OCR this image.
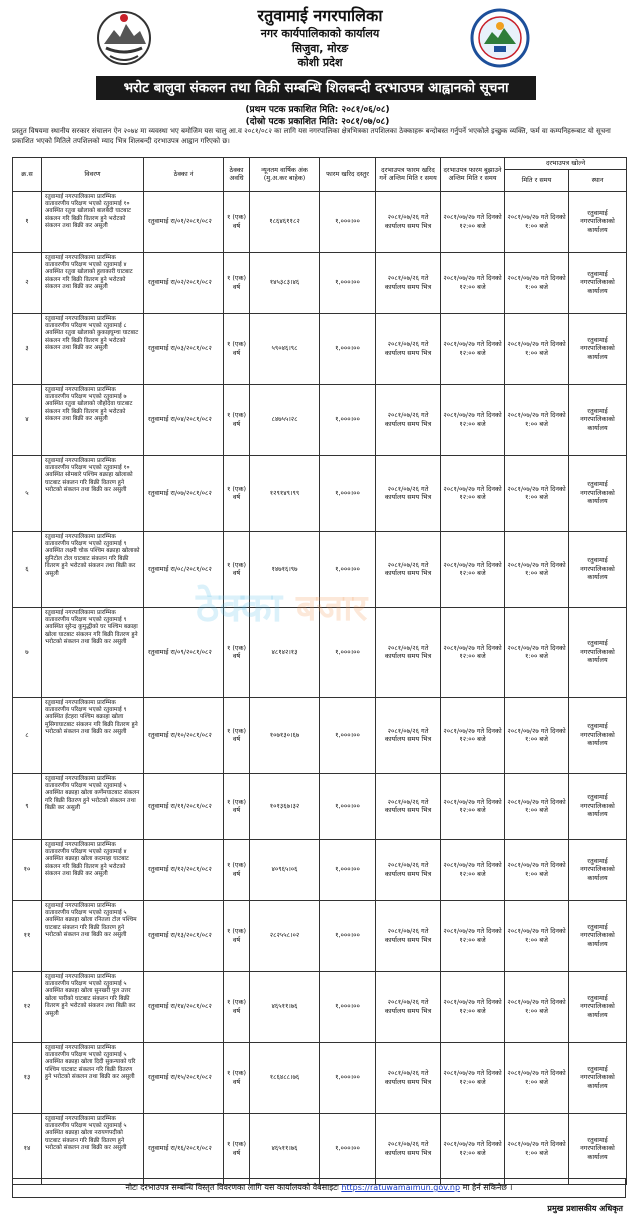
रतुवामाई नगरपालिका
नगर कार्यपालिकाको कार्यालय
सिजुवा, मोरङ
कोशी प्रदेश
भरोट बालुवा संकलन तथा विक्री सम्बन्धि शिलबन्दी दरभाउपत्र आह्वानको सूचना
(प्रथम पटक प्रकाशित मिति: २०८१/०६/०८)
(दोस्रो पटक प्रकाशित मिति: २०८१/०७/०८)
प्रस्तुत विषयमा स्थानीय सरकार संचालन ऐन २०७४ मा व्यवस्था भए बमोजिम यस चालु आ.व २०८१/०८२ का लागि यस नगरपालिका क्षेत्रभित्रका तपशिलका ठेक्काहरू बन्दोबस्त गर्नुपर्ने भएकोले इच्छुक व्यक्ति, फर्म वा कम्पनिहरूबाट यो सूचना प्रकाशित भएको मितिले तपशिलको म्याद भित्र शिलबन्दी दरभाउपत्र आह्वान गरिएको छ।
क्र.स	विवरण	ठेक्का नं	ठेक्का अवधि	न्यूनतम वार्षिक अंक (मु.अ.कर बाहेक)	फारम खरिद दस्तुर	दरभाउपत्र फारम खरिद गर्ने अन्तिम मिति र समय	दरभाउपत्र फारम बुझाउने अन्तिम मिति र समय	दरभाउपत्र खोल्ने	
								मिति र समय	स्थान
१	रतुवामाई नगरपालिकामा प्रारम्भिक वातावरणीय परिक्षण भएको रतुवामाई १० अवस्थित रतुवा खोलाको बालबैदी घाटबाट संकलन गरि बिक्री वितरण हुने भरोटको संकलन तथा बिक्री कर असुली	रतुवामाई रा/०१/२०८१/०८२	१ (एक) वर्ष	१८६४६११८२	१,०००।००	२०८१/०७/२६ गते कार्यालय समय भित्र	२०८१/०७/२७ गते दिनको १२:०० बजे	२०८१/०७/२७ गते दिनको १:०० बजे	रतुवामाई नगरपालिकाको कार्यालय
२	रतुवामाई नगरपालिकामा प्रारम्भिक वातावरणीय परिक्षण भएको रतुवामाई ४ अवस्थित रतुवा खोलाको हुलाकारी घाटबाट संकलन गरि बिक्री वितरण हुने भरोटको संकलन तथा बिक्री कर असुली	रतुवामाई रा/०२/२०८१/०८२	१ (एक) वर्ष	१४५३८३।४६	१,०००।००	२०८१/०७/२६ गते कार्यालय समय भित्र	२०८१/०७/२७ गते दिनको १२:०० बजे	२०८१/०७/२७ गते दिनको १:०० बजे	रतुवामाई नगरपालिकाको कार्यालय
३	रतुवामाई नगरपालिकामा प्रारम्भिक वातावरणीय परिक्षण भएको रतुवामाई ८ अवस्थित रतुवा खोलाको कुकाइघुम्चा घाटबाट संकलन गरि बिक्री वितरण हुने भरोटको संकलन तथा बिक्री कर असुली	रतुवामाई रा/०३/२०८१/०८२	१ (एक) वर्ष	५९०४६।९८	१,०००।००	२०८१/०७/२६ गते कार्यालय समय भित्र	२०८१/०७/२७ गते दिनको १२:०० बजे	२०८१/०७/२७ गते दिनको १:०० बजे	रतुवामाई नगरपालिकाको कार्यालय
४	रतुवामाई नगरपालिकामा प्रारम्भिक वातावरणीय परिक्षण भएको रतुवामाई ७ अवस्थित रतुवा खोलाको जौहोदेवा घाटबाट संकलन गरि बिक्री वितरण हुने भरोटको संकलन तथा बिक्री कर असुली	रतुवामाई रा/०४/२०८१/०८२	१ (एक) वर्ष	८४७५५।२८	१,०००।००	२०८१/०७/२६ गते कार्यालय समय भित्र	२०८१/०७/२७ गते दिनको १२:०० बजे	२०८१/०७/२७ गते दिनको १:०० बजे	रतुवामाई नगरपालिकाको कार्यालय
५	रतुवामाई नगरपालिकामा प्रारम्भिक वातावरणीय परिक्षण भएको रतुवामाई १० अवस्थित सोमबारे पश्चिम बक्राहा खोलाको घाटबाट संकलन गरि बिक्री वितरण हुने भरोटको संकलन तथा बिक्री कर असुली	रतुवामाई रा/०७/२०८१/०८२	१ (एक) वर्ष	१२९१४९।९९	१,०००।००	२०८१/०७/२६ गते कार्यालय समय भित्र	२०८१/०७/२७ गते दिनको १२:०० बजे	२०८१/०७/२७ गते दिनको १:०० बजे	रतुवामाई नगरपालिकाको कार्यालय
६	रतुवामाई नगरपालिकामा प्रारम्भिक वातावरणीय परिक्षण भएको रतुवामाई ९ अवस्थित लक्ष्मी चोक पश्चिम बक्राहा खोलाको सुनिटोल टोल घाटबाट संकलन गरि बिक्री वितरण हुने भरोटको संकलन तथा बिक्री कर असुली	रतुवामाई रा/०८/२०८१/०८२	१ (एक) वर्ष	१४७१६।९७	१,०००।००	२०८१/०७/२६ गते कार्यालय समय भित्र	२०८१/०७/२७ गते दिनको १२:०० बजे	२०८१/०७/२७ गते दिनको १:०० बजे	रतुवामाई नगरपालिकाको कार्यालय
७	रतुवामाई नगरपालिकामा प्रारम्भिक वातावरणीय परिक्षण भएको रतुवामाई ९ अवस्थित सुरेन्द्र कुमुद्धीको घर पश्चिम बक्राहा खोला घाटबाट संकलन गरि बिक्री वितरण हुने भरोटको संकलन तथा बिक्री कर असुली	रतुवामाई रा/०९/२०८१/०८२	१ (एक) वर्ष	४८१४२।१३	१,०००।००	२०८१/०७/२६ गते कार्यालय समय भित्र	२०८१/०७/२७ गते दिनको १२:०० बजे	२०८१/०७/२७ गते दिनको १:०० बजे	रतुवामाई नगरपालिकाको कार्यालय
८	रतुवामाई नगरपालिकामा प्रारम्भिक वातावरणीय परिक्षण भएको रतुवामाई ९ अवस्थित ईटहरा पश्चिम बक्राहा खोला मुसिगाघाटबाट संकलन गरि बिक्री वितरण हुने भरोटको संकलन तथा बिक्री कर असुली	रतुवामाई रा/१०/२०८१/०८२	१ (एक) वर्ष	१०७१३०।६७	१,०००।००	२०८१/०७/२६ गते कार्यालय समय भित्र	२०८१/०७/२७ गते दिनको १२:०० बजे	२०८१/०७/२७ गते दिनको १:०० बजे	रतुवामाई नगरपालिकाको कार्यालय
९	रतुवामाई नगरपालिकामा प्रारम्भिक वातावरणीय परिक्षण भएको रतुवामाई ५ अवस्थित बक्राहा खोला कर्णेमघाटबाट संकलन गरि बिक्री वितरण हुने भरोटको संकलन तथा बिक्री कर असुली	रतुवामाई रा/११/२०८१/०८२	१ (एक) वर्ष	१०१३६७।३२	१,०००।००	२०८१/०७/२६ गते कार्यालय समय भित्र	२०८१/०७/२७ गते दिनको १२:०० बजे	२०८१/०७/२७ गते दिनको १:०० बजे	रतुवामाई नगरपालिकाको कार्यालय
१०	रतुवामाई नगरपालिकामा प्रारम्भिक वातावरणीय परिक्षण भएको रतुवामाई ४ अवस्थित बक्राहा खोला कदमाहा घाटबाट संकलन गरि बिक्री वितरण हुने भरोटको संकलन तथा बिक्री कर असुली	रतुवामाई रा/१२/२०८१/०८२	१ (एक) वर्ष	४०९६५।०६	१,०००।००	२०८१/०७/२६ गते कार्यालय समय भित्र	२०८१/०७/२७ गते दिनको १२:०० बजे	२०८१/०७/२७ गते दिनको १:०० बजे	रतुवामाई नगरपालिकाको कार्यालय
११	रतुवामाई नगरपालिकामा प्रारम्भिक वातावरणीय परिक्षण भएको रतुवामाई ५ अवस्थित बक्राहा खोला रनितला टोल पश्चिम घाटबाट संकलन गरि बिक्री वितरण हुने भरोटको संकलन तथा बिक्री कर असुली	रतुवामाई रा/१३/२०८१/०८२	१ (एक) वर्ष	२८२५५८।०२	१,०००।००	२०८१/०७/२६ गते कार्यालय समय भित्र	२०८१/०७/२७ गते दिनको १२:०० बजे	२०८१/०७/२७ गते दिनको १:०० बजे	रतुवामाई नगरपालिकाको कार्यालय
१२	रतुवामाई नगरपालिकामा प्रारम्भिक वातावरणीय परिक्षण भएको रतुवामाई ५ अवस्थित बक्राहा खोला सुनखरी पुल उत्तर खोला पारीको घाटबाट संकलन गरि बिक्री वितरण हुने भरोटको संकलन तथा बिक्री कर असुली	रतुवामाई रा/१४/२०८१/०८२	१ (एक) वर्ष	४६५११।७६	१,०००।००	२०८१/०७/२६ गते कार्यालय समय भित्र	२०८१/०७/२७ गते दिनको १२:०० बजे	२०८१/०७/२७ गते दिनको १:०० बजे	रतुवामाई नगरपालिकाको कार्यालय
१३	रतुवामाई नगरपालिकामा प्रारम्भिक वातावरणीय परिक्षण भएको रतुवामाई ५ अवस्थित बक्राहा खोला दिदी सुकन्याको घरि पश्चिम घाटबाट संकलन गरि बिक्री वितरण हुने भरोटको संकलन तथा बिक्री कर असुली	रतुवामाई रा/१५/२०८१/०८२	१ (एक) वर्ष	१८६४८८।७६	१,०००।००	२०८१/०७/२६ गते कार्यालय समय भित्र	२०८१/०७/२७ गते दिनको १२:०० बजे	२०८१/०७/२७ गते दिनको १:०० बजे	रतुवामाई नगरपालिकाको कार्यालय
१४	रतुवामाई नगरपालिकामा प्रारम्भिक वातावरणीय परिक्षण भएको रतुवामाई ५ अवस्थित बक्राहा खोला नरायणपदीको घाटबाट संकलन गरि बिक्री वितरण हुने भरोटको संकलन तथा बिक्री कर असुली	रतुवामाई रा/१६/२०८१/०८२	१ (एक) वर्ष	४६५११।७६	१,०००।००	२०८१/०७/२६ गते कार्यालय समय भित्र	२०८१/०७/२७ गते दिनको १२:०० बजे	२०८१/०७/२७ गते दिनको १:०० बजे	रतुवामाई नगरपालिकाको कार्यालय
ठेक्का बजार
नोटः दरभाउपत्र सम्बन्धि विस्तृत विवरणका लागि यस कार्यालयको वेबसाइटः https://ratuwamaimun.gov.np मा हेर्न सकिनेछ ।
प्रमुख प्रशासकीय अधिकृत
